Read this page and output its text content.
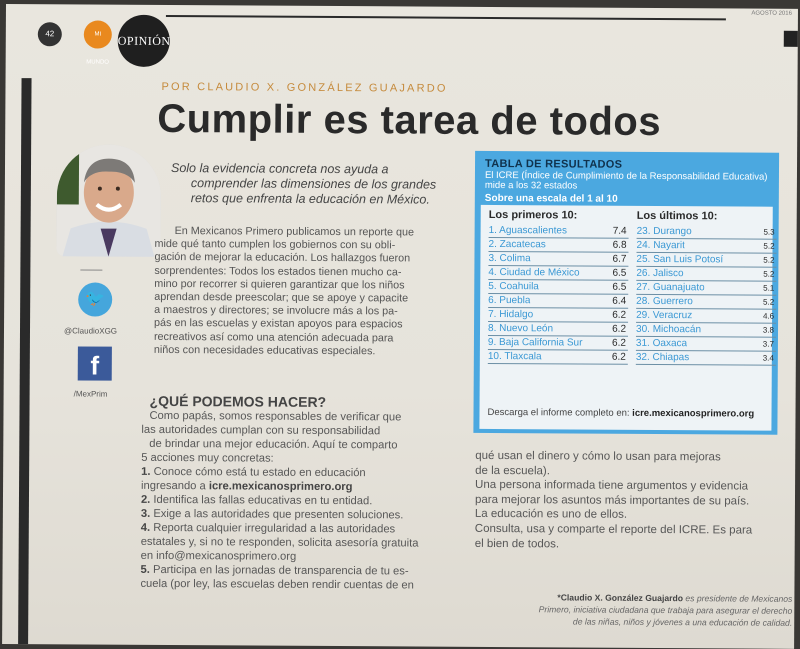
42	MI MUNDO
OPINIÓN
AGOSTO 2016
POR CLAUDIO X. GONZÁLEZ GUAJARDO
Cumplir es tarea de todos
🐦
@ClaudioXGG
f
/MexPrim

Solo la evidencia concreta nos ayuda a

comprender las dimensiones de los grandes

retos que enfrenta la educación en México.

En Mexicanos Primero publicamos un reporte que
mide qué tanto cumplen los gobiernos con su obli-
gación de mejorar la educación. Los hallazgos fueron
sorprendentes: Todos los estados tienen mucho ca-
mino por recorrer si quieren garantizar que los niños
aprendan desde preescolar; que se apoye y capacite
a maestros y directores; se involucre más a los pa-
pás en las escuelas y existan apoyos para espacios
recreativos así como una atención adecuada para
niños con necesidades educativas especiales.
¿QUÉ PODEMOS HACER?
Como papás, somos responsables de verificar que
las autoridades cumplan con su responsabilidad
de brindar una mejor educación. Aquí te comparto
5 acciones muy concretas:
1. Conoce cómo está tu estado en educación
ingresando a icre.mexicanosprimero.org
2. Identifica las fallas educativas en tu entidad.
3. Exige a las autoridades que presenten soluciones.
4. Reporta cualquier irregularidad a las autoridades
estatales y, si no te responden, solicita asesoría gratuita
en info@mexicanosprimero.org
5. Participa en las jornadas de transparencia de tu es-
cuela (por ley, las escuelas deben rendir cuentas de en
TABLA DE RESULTADOS
El ICRE (Índice de Cumplimiento de la Responsabilidad Educativa) mide a los 32 estados
Sobre una escala del 1 al 10
Los primeros 10:
1. Aguascalientes	7.4
2. Zacatecas	6.8
3. Colima	6.7
4. Ciudad de México	6.5
5. Coahuila	6.5
6. Puebla	6.4
7. Hidalgo	6.2
8. Nuevo León	6.2
9. Baja California Sur	6.2
10. Tlaxcala	6.2
Los últimos 10:
23. Durango	5.3
24. Nayarit	5.2
25. San Luis Potosí	5.2
26. Jalisco	5.2
27. Guanajuato	5.1
28. Guerrero	5.2
29. Veracruz	4.6
30. Michoacán	3.8
31. Oaxaca	3.7
32. Chiapas	3.4
Descarga el informe completo en: icre.mexicanosprimero.org

qué usan el dinero y cómo lo usan para mejoras

de la escuela).

Una persona informada tiene argumentos y evidencia

para mejorar los asuntos más importantes de su país.

La educación es uno de ellos.

Consulta, usa y comparte el reporte del ICRE. Es para

el bien de todos.

*Claudio X. González Guajardo es presidente de Mexicanos
Primero, iniciativa ciudadana que trabaja para asegurar el derecho
de las niñas, niños y jóvenes a una educación de calidad.
